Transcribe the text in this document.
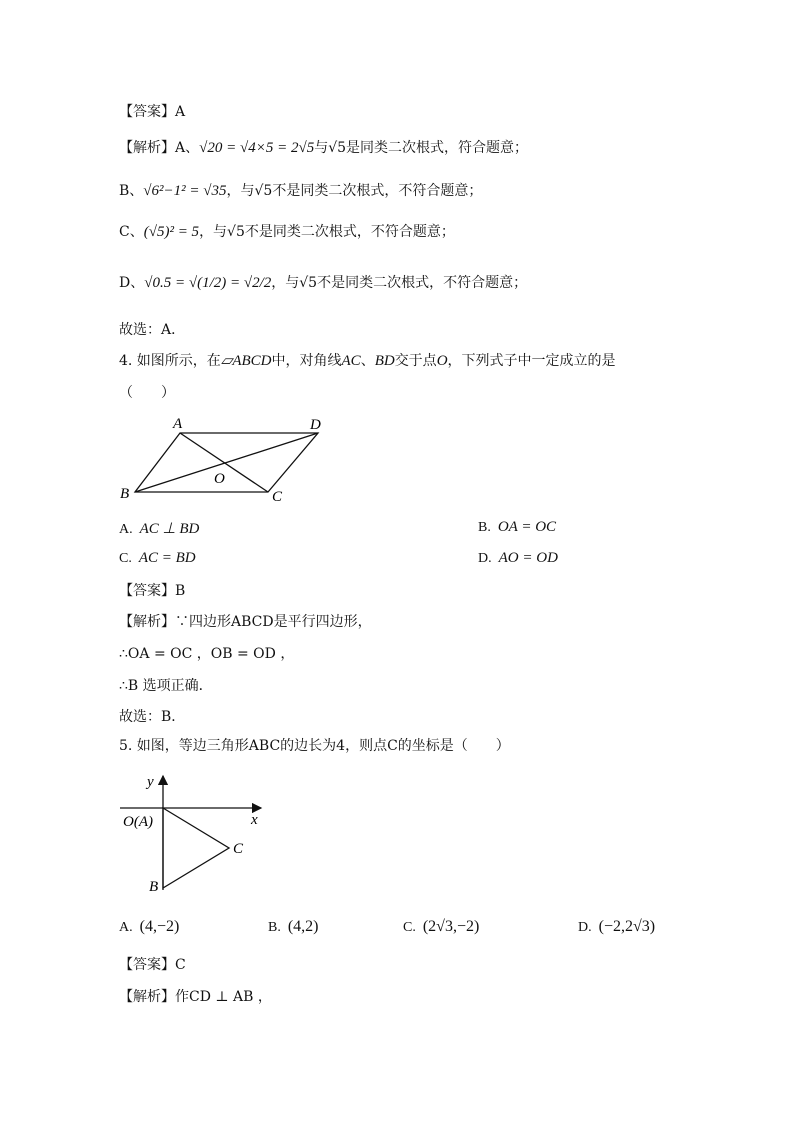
【答案】A
【解析】A、√20 = √4×5 = 2√5与√5是同类二次根式，符合题意；
B、√6²−1² = √35，与√5不是同类二次根式，不符合题意；
C、(√5)² = 5，与√5不是同类二次根式，不符合题意；
D、√0.5 = √(1/2) = √2/2，与√5不是同类二次根式，不符合题意；
故选：A．
4. 如图所示，在▱ABCD中，对角线AC、BD交于点O，下列式子中一定成立的是
（　　）
A	D
B	C
O
A. AC ⊥ BD	B. OA = OC
C. AC = BD	D. AO = OD
【答案】B
【解析】∵四边形ABCD是平行四边形，
∴OA = OC ，OB = OD ，
∴B 选项正确．
故选：B．
5. 如图，等边三角形ABC的边长为4，则点C的坐标是（　　）
y
x
O(A)
C
B
A. (4,−2)	B. (4,2)	C. (2√3,−2)	D. (−2,2√3)
【答案】C
【解析】作CD ⊥ AB ，
